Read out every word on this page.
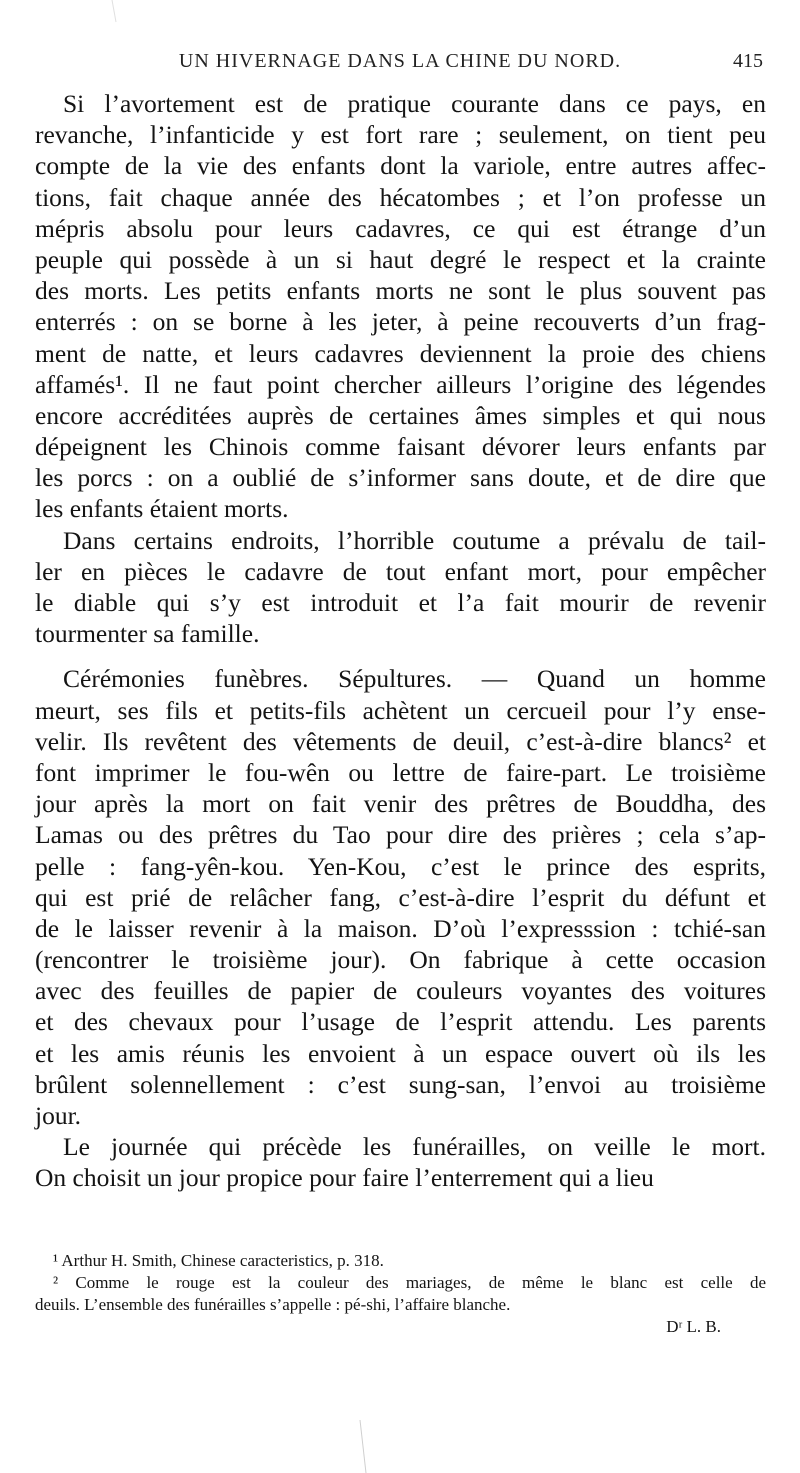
UN HIVERNAGE DANS LA CHINE DU NORD.	415
Si l’avortement est de pratique courante dans ce pays, en
revanche, l’infanticide y est fort rare ; seulement, on tient peu
compte de la vie des enfants dont la variole, entre autres affec-
tions, fait chaque année des hécatombes ; et l’on professe un
mépris absolu pour leurs cadavres, ce qui est étrange d’un
peuple qui possède à un si haut degré le respect et la crainte
des morts. Les petits enfants morts ne sont le plus souvent pas
enterrés : on se borne à les jeter, à peine recouverts d’un frag-
ment de natte, et leurs cadavres deviennent la proie des chiens
affamés¹. Il ne faut point chercher ailleurs l’origine des légendes
encore accréditées auprès de certaines âmes simples et qui nous
dépeignent les Chinois comme faisant dévorer leurs enfants par
les porcs : on a oublié de s’informer sans doute, et de dire que
les enfants étaient morts.
Dans certains endroits, l’horrible coutume a prévalu de tail-
ler en pièces le cadavre de tout enfant mort, pour empêcher
le diable qui s’y est introduit et l’a fait mourir de revenir
tourmenter sa famille.
Cérémonies funèbres. Sépultures. — Quand un homme
meurt, ses fils et petits-fils achètent un cercueil pour l’y ense-
velir. Ils revêtent des vêtements de deuil, c’est-à-dire blancs² et
font imprimer le fou-wên ou lettre de faire-part. Le troisième
jour après la mort on fait venir des prêtres de Bouddha, des
Lamas ou des prêtres du Tao pour dire des prières ; cela s’ap-
pelle : fang-yên-kou. Yen-Kou, c’est le prince des esprits,
qui est prié de relâcher fang, c’est-à-dire l’esprit du défunt et
de le laisser revenir à la maison. D’où l’expresssion : tchié-san
(rencontrer le troisième jour). On fabrique à cette occasion
avec des feuilles de papier de couleurs voyantes des voitures
et des chevaux pour l’usage de l’esprit attendu. Les parents
et les amis réunis les envoient à un espace ouvert où ils les
brûlent solennellement : c’est sung-san, l’envoi au troisième
jour.
Le journée qui précède les funérailles, on veille le mort.
On choisit un jour propice pour faire l’enterrement qui a lieu
¹ Arthur H. Smith, Chinese caracteristics, p. 318.
² Comme le rouge est la couleur des mariages, de même le blanc est celle de
deuils. L’ensemble des funérailles s’appelle : pé-shi, l’affaire blanche.
Dʳ L. B.
